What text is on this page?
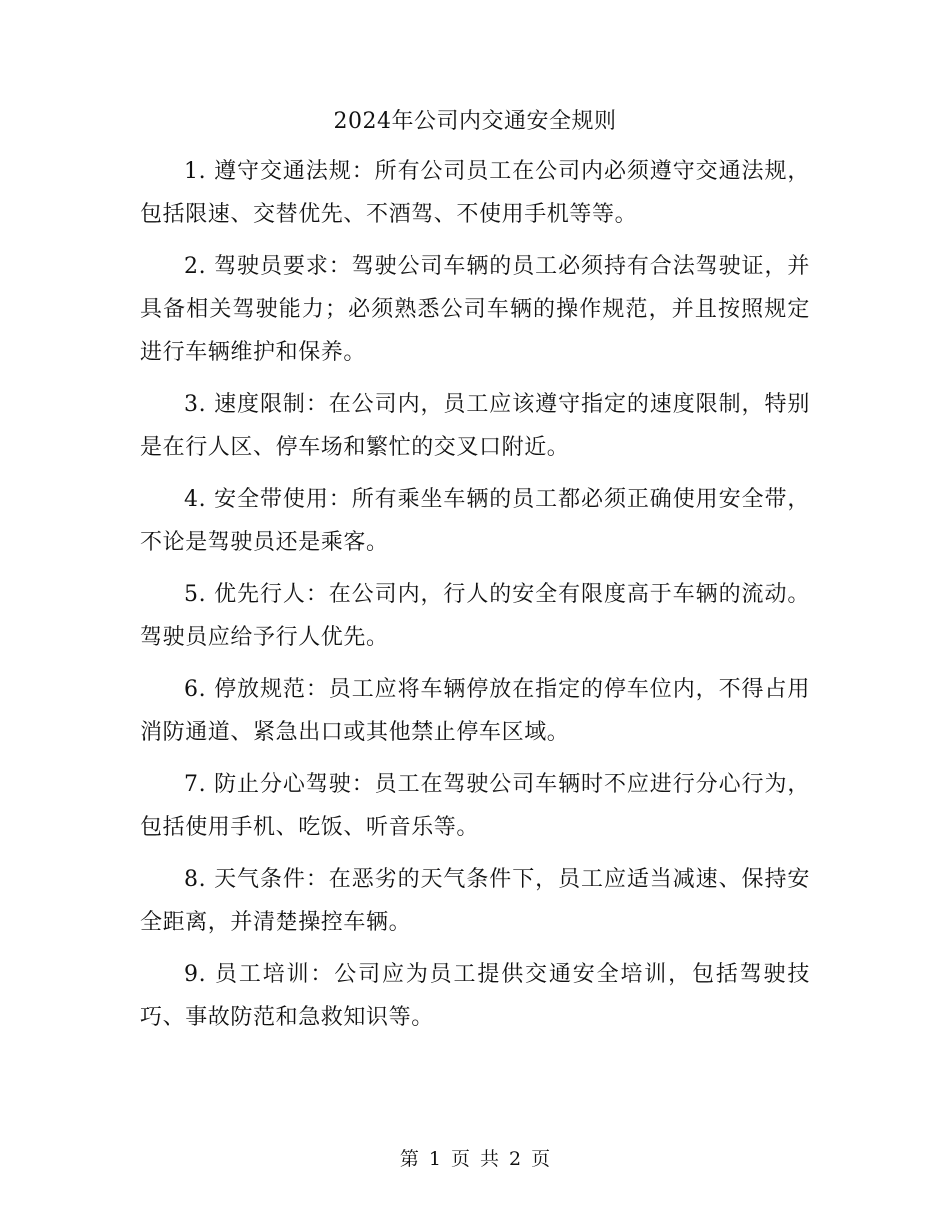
2024年公司内交通安全规则

1. 遵守交通法规：所有公司员工在公司内必须遵守交通法规，包括限速、交替优先、不酒驾、不使用手机等等。

2. 驾驶员要求：驾驶公司车辆的员工必须持有合法驾驶证，并具备相关驾驶能力；必须熟悉公司车辆的操作规范，并且按照规定进行车辆维护和保养。

3. 速度限制：在公司内，员工应该遵守指定的速度限制，特别是在行人区、停车场和繁忙的交叉口附近。

4. 安全带使用：所有乘坐车辆的员工都必须正确使用安全带，不论是驾驶员还是乘客。

5. 优先行人：在公司内，行人的安全有限度高于车辆的流动。驾驶员应给予行人优先。

6. 停放规范：员工应将车辆停放在指定的停车位内，不得占用消防通道、紧急出口或其他禁止停车区域。

7. 防止分心驾驶：员工在驾驶公司车辆时不应进行分心行为，包括使用手机、吃饭、听音乐等。

8. 天气条件：在恶劣的天气条件下，员工应适当减速、保持安全距离，并清楚操控车辆。

9. 员工培训：公司应为员工提供交通安全培训，包括驾驶技巧、事故防范和急救知识等。

第 1 页 共 2 页
